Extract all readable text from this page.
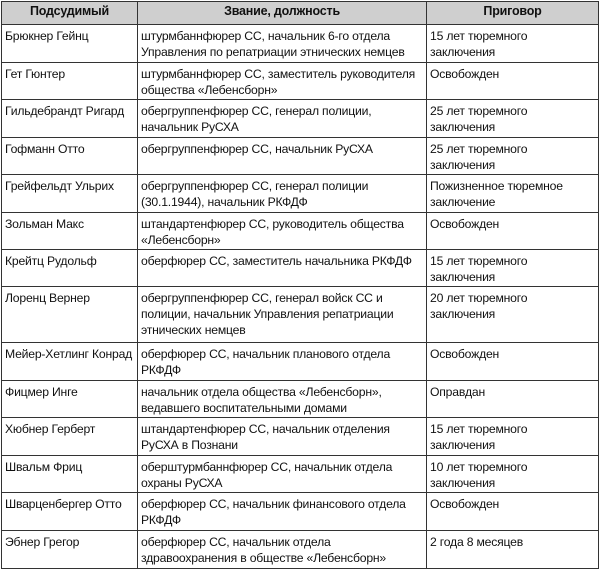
Подсудимый	Звание, должность	Приговор
Брюкнер Гейнц	штурмбаннфюрер СС, начальник 6-го отдела Управления по репатриации этнических немцев	15 лет тюремного заключения
Гет Гюнтер	штурмбаннфюрер СС, заместитель руководителя общества «Лебенсборн»	Освобожден
Гильдебрандт Ригард	обергруппенфюрер СС, генерал полиции, начальник РуСХА	25 лет тюремного заключения
Гофманн Отто	обергруппенфюрер СС, начальник РуСХА	25 лет тюремного заключения
Грейфельдт Ульрих	обергруппенфюрер СС, генерал полиции (30.1.1944), начальник РКФДФ	Пожизненное тюремное заключение
Зольман Макс	штандартенфюрер СС, руководитель общества «Лебенсборн»	Освобожден
Крейтц Рудольф	оберфюрер СС, заместитель начальника РКФДФ	15 лет тюремного заключения
Лоренц Вернер	обергруппенфюрер СС, генерал войск СС и полиции, начальник Управления репатриации этнических немцев	20 лет тюремного заключения
Мейер-Хетлинг Конрад	оберфюрер СС, начальник планового отдела РКФДФ	Освобожден
Фицмер Инге	начальник отдела общества «Лебенсборн», ведавшего воспитательными домами	Оправдан
Хюбнер Герберт	штандартенфюрер СС, начальник отделения РуСХА в Познани	15 лет тюремного заключения
Швальм Фриц	оберштурмбаннфюрер СС, начальник отдела охраны РуСХА	10 лет тюремного заключения
Шварценбергер Отто	оберфюрер СС, начальник финансового отдела РКФДФ	Освобожден
Эбнер Грегор	оберфюрер СС, начальник отдела здравоохранения в обществе «Лебенсборн»	2 года 8 месяцев
